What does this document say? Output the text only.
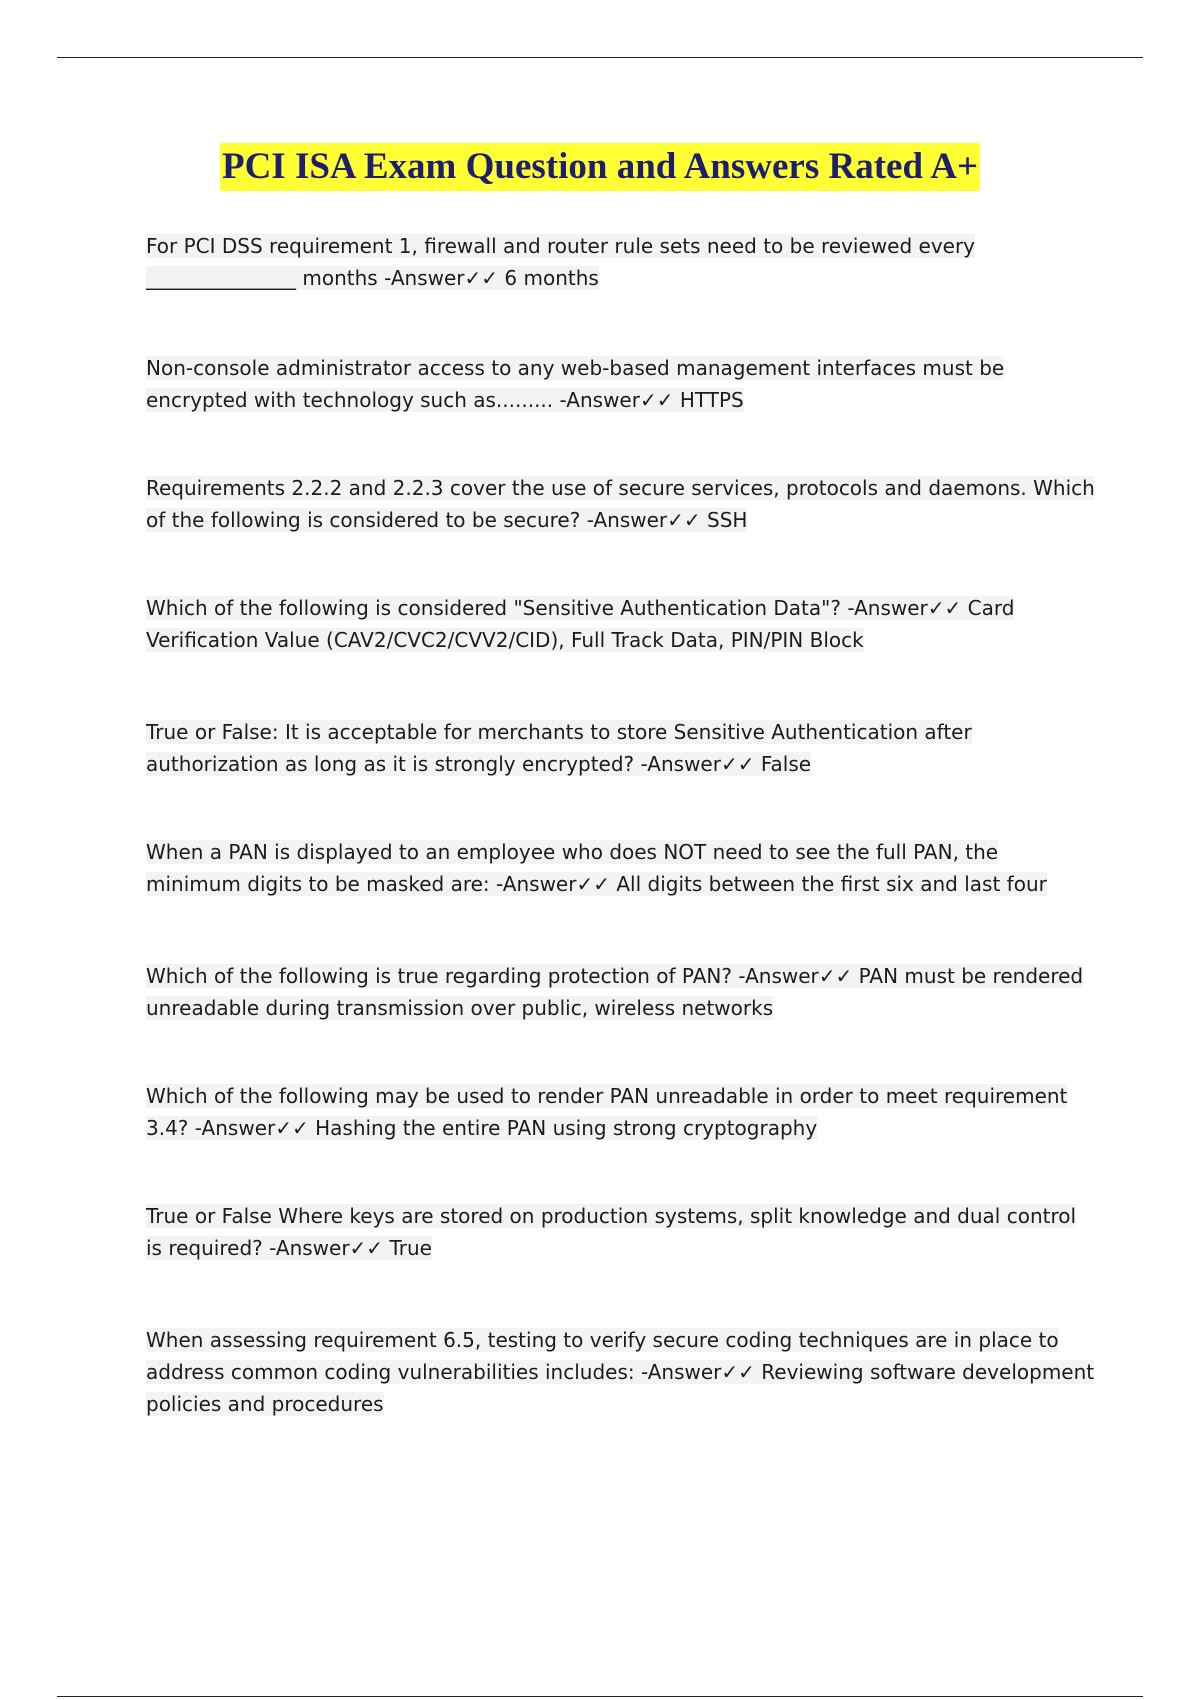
PCI ISA Exam Question and Answers Rated A+
For PCI DSS requirement 1, firewall and router rule sets need to be reviewed every _______________ months -Answer✓✓ 6 months
Non-console administrator access to any web-based management interfaces must be encrypted with technology such as......... -Answer✓✓ HTTPS
Requirements 2.2.2 and 2.2.3 cover the use of secure services, protocols and daemons. Which of the following is considered to be secure? -Answer✓✓ SSH
Which of the following is considered "Sensitive Authentication Data"? -Answer✓✓ Card Verification Value (CAV2/CVC2/CVV2/CID), Full Track Data, PIN/PIN Block
True or False: It is acceptable for merchants to store Sensitive Authentication after authorization as long as it is strongly encrypted? -Answer✓✓ False
When a PAN is displayed to an employee who does NOT need to see the full PAN, the minimum digits to be masked are: -Answer✓✓ All digits between the first six and last four
Which of the following is true regarding protection of PAN? -Answer✓✓ PAN must be rendered unreadable during transmission over public, wireless networks
Which of the following may be used to render PAN unreadable in order to meet requirement 3.4? -Answer✓✓ Hashing the entire PAN using strong cryptography
True or False Where keys are stored on production systems, split knowledge and dual control is required? -Answer✓✓ True
When assessing requirement 6.5, testing to verify secure coding techniques are in place to address common coding vulnerabilities includes: -Answer✓✓ Reviewing software development policies and procedures
